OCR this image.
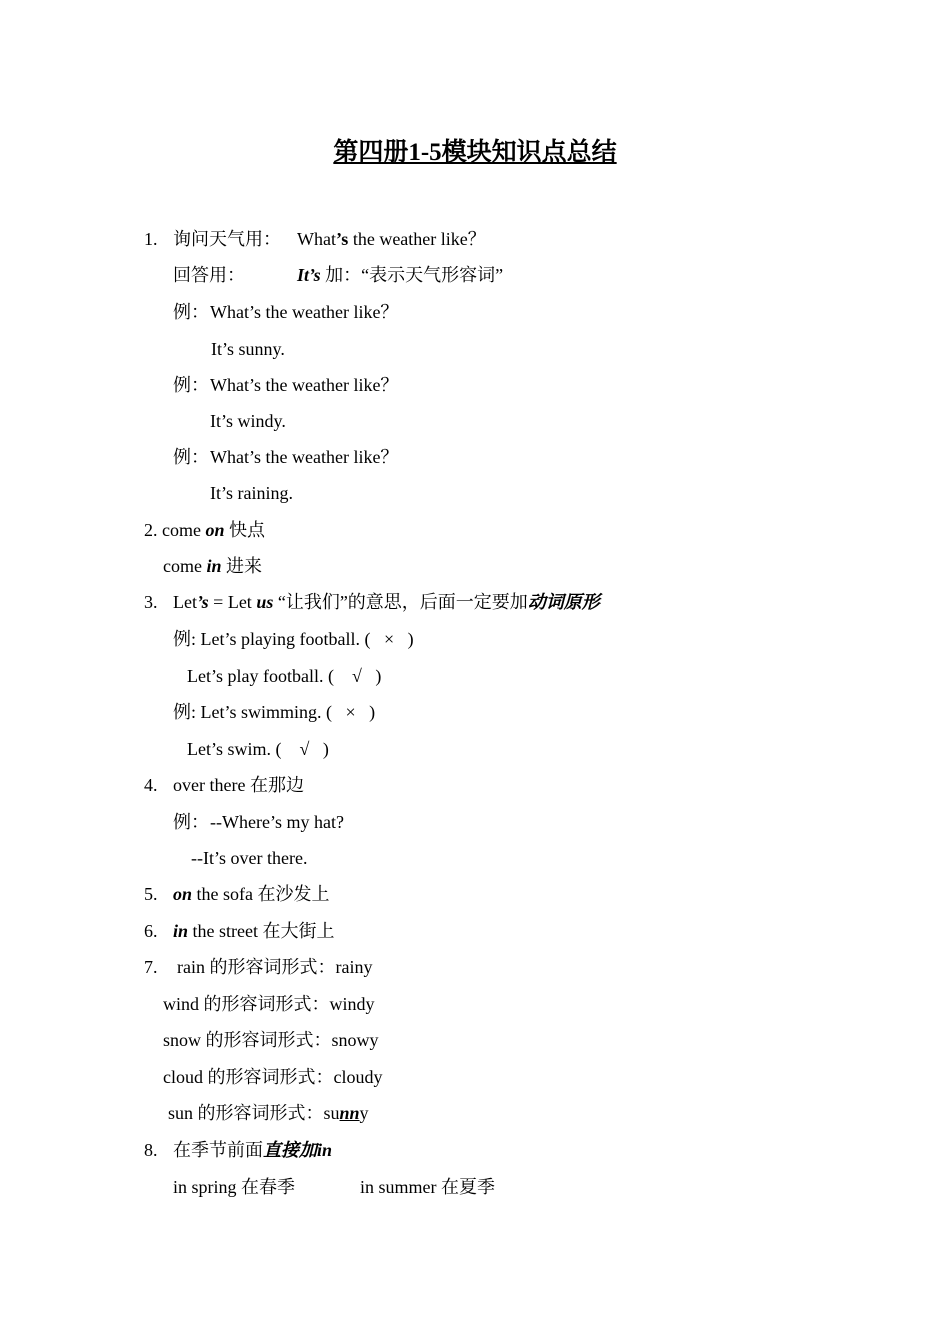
第四册1-5模块知识点总结
1. 询问天气用： What’s the weather like？
回答用：	It’s 加：“表示天气形容词”
例： What’s the weather like？
It’s sunny.
例： What’s the weather like？
It’s windy.
例： What’s the weather like？
It’s raining.
2. come on 快点
come in 进来
3. Let’s = Let us “让我们”的意思，后面一定要加动词原形
例: Let’s playing football. (   ×   )
Let’s play football. (    √   )
例: Let’s swimming. (   ×   )
Let’s swim. (    √   )
4. over there 在那边
例： --Where’s my hat?
--It’s over there.
5. on the sofa 在沙发上
6. in the street 在大街上
7. rain 的形容词形式：rainy
wind 的形容词形式：windy
snow 的形容词形式：snowy
cloud 的形容词形式：cloudy
sun 的形容词形式：sunny
8. 在季节前面直接加in
in spring 在春季	in summer 在夏季
